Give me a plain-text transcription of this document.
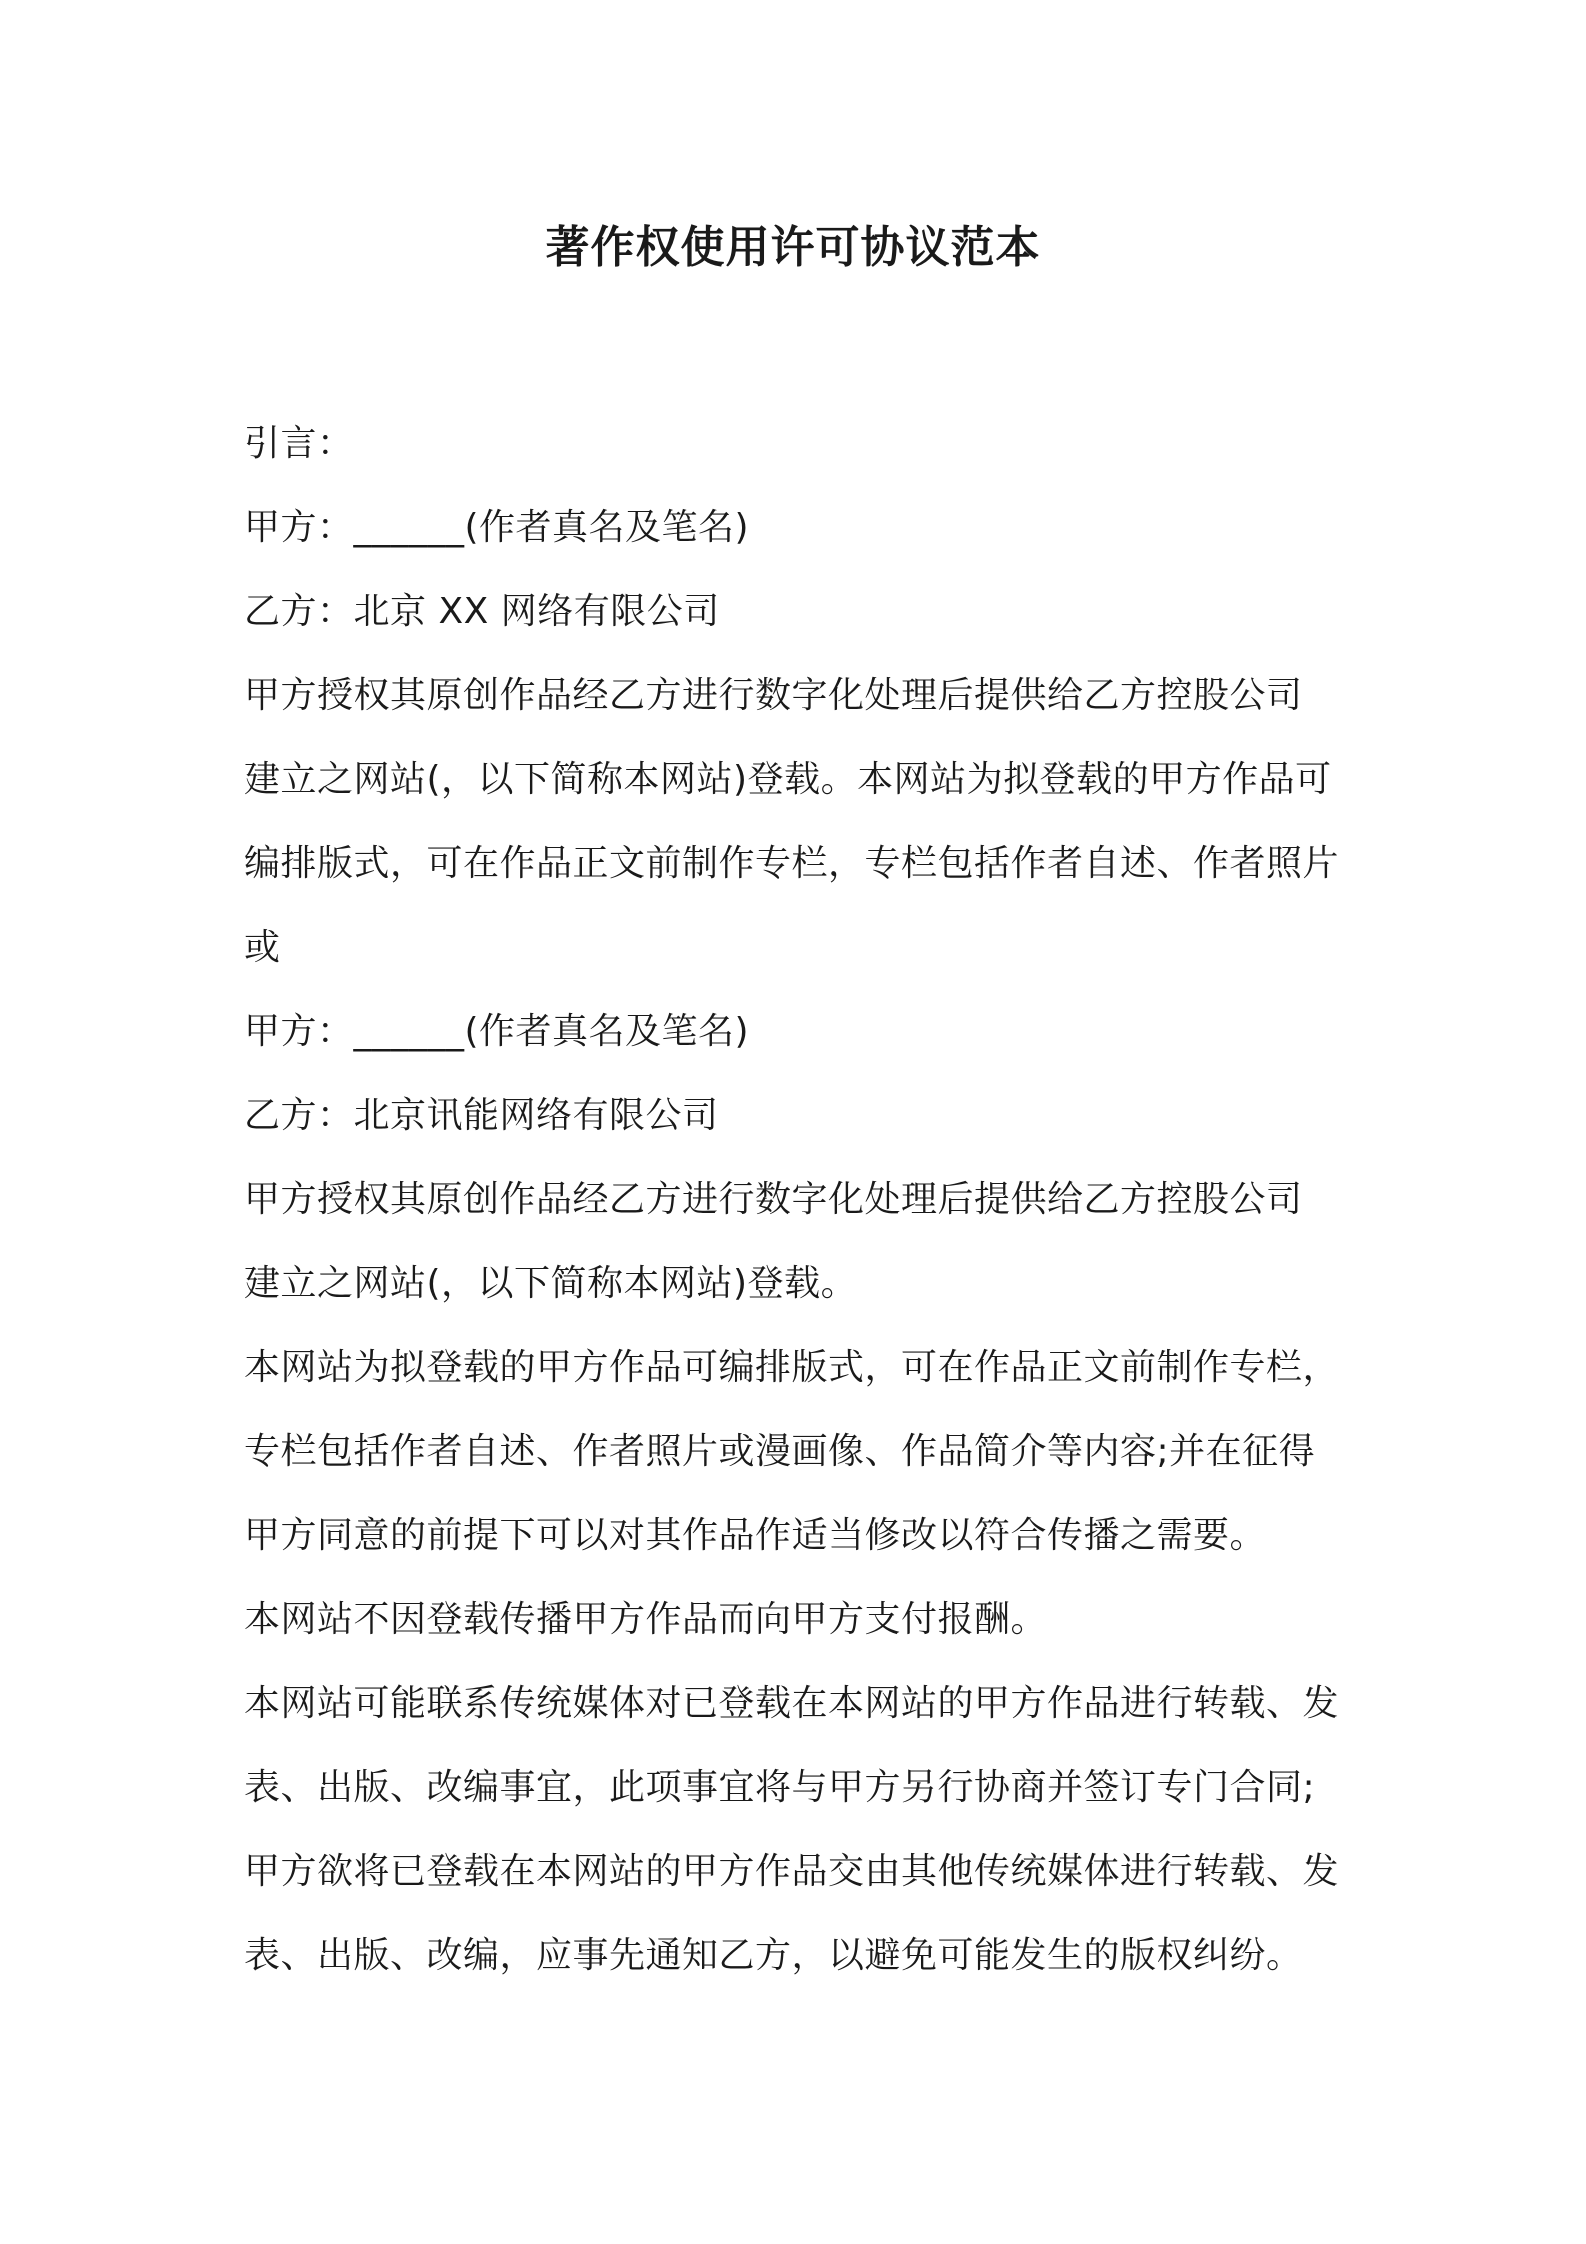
著作权使用许可协议范本
引言：
甲方：______(作者真名及笔名)
乙方：北京 XX 网络有限公司
甲方授权其原创作品经乙方进行数字化处理后提供给乙方控股公司
建立之网站(，以下简称本网站)登载。本网站为拟登载的甲方作品可
编排版式，可在作品正文前制作专栏，专栏包括作者自述、作者照片
或
甲方：______(作者真名及笔名)
乙方：北京讯能网络有限公司
甲方授权其原创作品经乙方进行数字化处理后提供给乙方控股公司
建立之网站(，以下简称本网站)登载。
本网站为拟登载的甲方作品可编排版式，可在作品正文前制作专栏，
专栏包括作者自述、作者照片或漫画像、作品简介等内容;并在征得
甲方同意的前提下可以对其作品作适当修改以符合传播之需要。
本网站不因登载传播甲方作品而向甲方支付报酬。
本网站可能联系传统媒体对已登载在本网站的甲方作品进行转载、发
表、出版、改编事宜，此项事宜将与甲方另行协商并签订专门合同;
甲方欲将已登载在本网站的甲方作品交由其他传统媒体进行转载、发
表、出版、改编，应事先通知乙方，以避免可能发生的版权纠纷。
